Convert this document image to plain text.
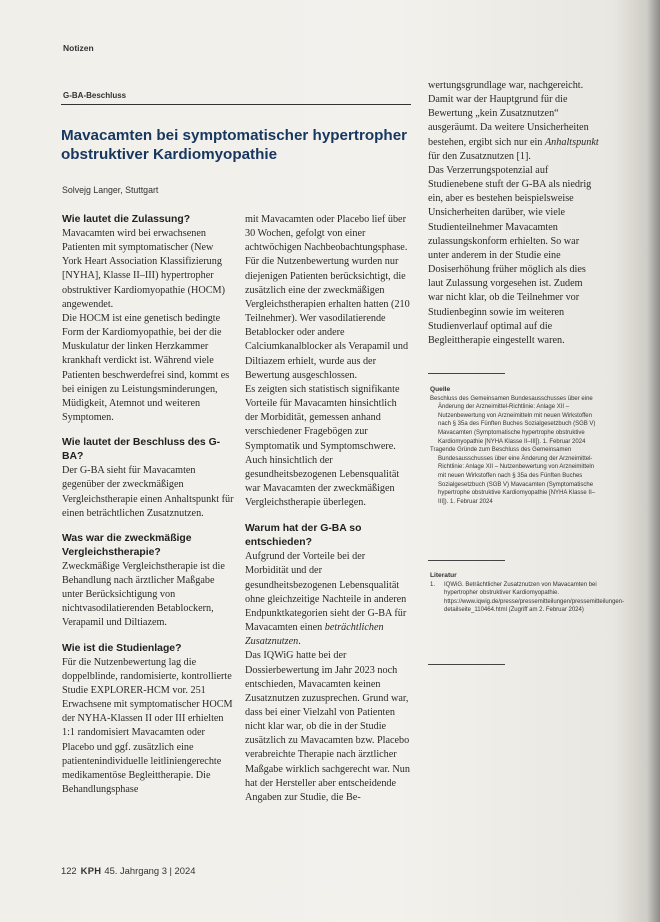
Notizen
G-BA-Beschluss
Mavacamten bei symptomatischer hypertropher obstruktiver Kardiomyopathie
Solvejg Langer, Stuttgart

Wie lautet die Zulassung?

Mavacamten wird bei erwachsenen Patienten mit symptomatischer (New York Heart Association Klassifizierung [NYHA], Klasse II–III) hypertropher obstruktiver Kardiomyopathie (HOCM) angewendet.

Die HOCM ist eine genetisch bedingte Form der Kardiomyopathie, bei der die Muskulatur der linken Herzkammer krankhaft verdickt ist. Während viele Patienten beschwerdefrei sind, kommt es bei einigen zu Leistungsminderungen, Müdigkeit, Atemnot und weiteren Symptomen.

Wie lautet der Beschluss des G-BA?

Der G-BA sieht für Mavacamten gegenüber der zweckmäßigen Vergleichstherapie einen Anhaltspunkt für einen beträchtlichen Zusatznutzen.

Was war die zweckmäßige Vergleichstherapie?

Zweckmäßige Vergleichstherapie ist die Behandlung nach ärztlicher Maßgabe unter Berücksichtigung von nichtvasodilatierenden Betablockern, Verapamil und Diltiazem.

Wie ist die Studienlage?

Für die Nutzenbewertung lag die doppelblinde, randomisierte, kontrollierte Studie EXPLORER-HCM vor. 251 Erwachsene mit symptomatischer HOCM der NYHA-Klassen II oder III erhielten 1:1 randomisiert Mavacamten oder Placebo und ggf. zusätzlich eine patientenindividuelle leitliniengerechte medikamentöse Begleittherapie. Die Behandlungsphase

mit Mavacamten oder Placebo lief über 30 Wochen, gefolgt von einer achtwöchigen Nachbeobachtungsphase.

Für die Nutzenbewertung wurden nur diejenigen Patienten berücksichtigt, die zusätzlich eine der zweckmäßigen Vergleichstherapien erhalten hatten (210 Teilnehmer). Wer vasodilatierende Betablocker oder andere Calciumkanalblocker als Verapamil und Diltiazem erhielt, wurde aus der Bewertung ausgeschlossen.

Es zeigten sich statistisch signifikante Vorteile für Mavacamten hinsichtlich der Morbidität, gemessen anhand verschiedener Fragebögen zur Symptomatik und Symptomschwere. Auch hinsichtlich der gesundheitsbezogenen Lebensqualität war Mavacamten der zweckmäßigen Vergleichstherapie überlegen.

Warum hat der G-BA so entschieden?

Aufgrund der Vorteile bei der Morbidität und der gesundheitsbezogenen Lebensqualität ohne gleichzeitige Nachteile in anderen Endpunktkategorien sieht der G-BA für Mavacamten einen beträchtlichen Zusatznutzen.

Das IQWiG hatte bei der Dossierbewertung im Jahr 2023 noch entschieden, Mavacamten keinen Zusatznutzen zuzusprechen. Grund war, dass bei einer Vielzahl von Patienten nicht klar war, ob die in der Studie zusätzlich zu Mavacamten bzw. Placebo verabreichte Therapie nach ärztlicher Maßgabe wirklich sachgerecht war. Nun hat der Hersteller aber entscheidende Angaben zur Studie, die Be-

wertungsgrundlage war, nachgereicht. Damit war der Hauptgrund für die Bewertung „kein Zusatznutzen“ ausgeräumt. Da weitere Unsicherheiten bestehen, ergibt sich nur ein Anhaltspunkt für den Zusatznutzen [1].

Das Verzerrungspotenzial auf Studienebene stuft der G-BA als niedrig ein, aber es bestehen beispielsweise Unsicherheiten darüber, wie viele Studienteilnehmer Mavacamten zulassungskonform erhielten. So war unter anderem in der Studie eine Dosiserhöhung früher möglich als dies laut Zulassung vorgesehen ist. Zudem war nicht klar, ob die Teilnehmer vor Studienbeginn sowie im weiteren Studienverlauf optimal auf die Begleittherapie eingestellt waren.

Quelle

Beschluss des Gemeinsamen Bundesausschusses über eine Änderung der Arzneimittel-Richtlinie: Anlage XII – Nutzenbewertung von Arzneimitteln mit neuen Wirkstoffen nach § 35a des Fünften Buches Sozialgesetzbuch (SGB V) Mavacamten (Symptomatische hypertrophe obstruktive Kardiomyopathie [NYHA Klasse II–III]). 1. Februar 2024

Tragende Gründe zum Beschluss des Gemeinsamen Bundesausschusses über eine Änderung der Arzneimittel-Richtlinie: Anlage XII – Nutzenbewertung von Arzneimitteln mit neuen Wirkstoffen nach § 35a des Fünften Buches Sozialgesetzbuch (SGB V) Mavacamten (Symptomatische hypertrophe obstruktive Kardiomyopathie [NYHA Klasse II–III]). 1. Februar 2024

Literatur
1.	IQWiG. Beträchtlicher Zusatznutzen von Mavacamten bei hypertropher obstruktiver Kardiomyopathie. https://www.iqwig.de/presse/pressemitteilungen/pressemitteilungen-detailseite_110464.html (Zugriff am 2. Februar 2024)
122 KPH 45. Jahrgang 3 | 2024
